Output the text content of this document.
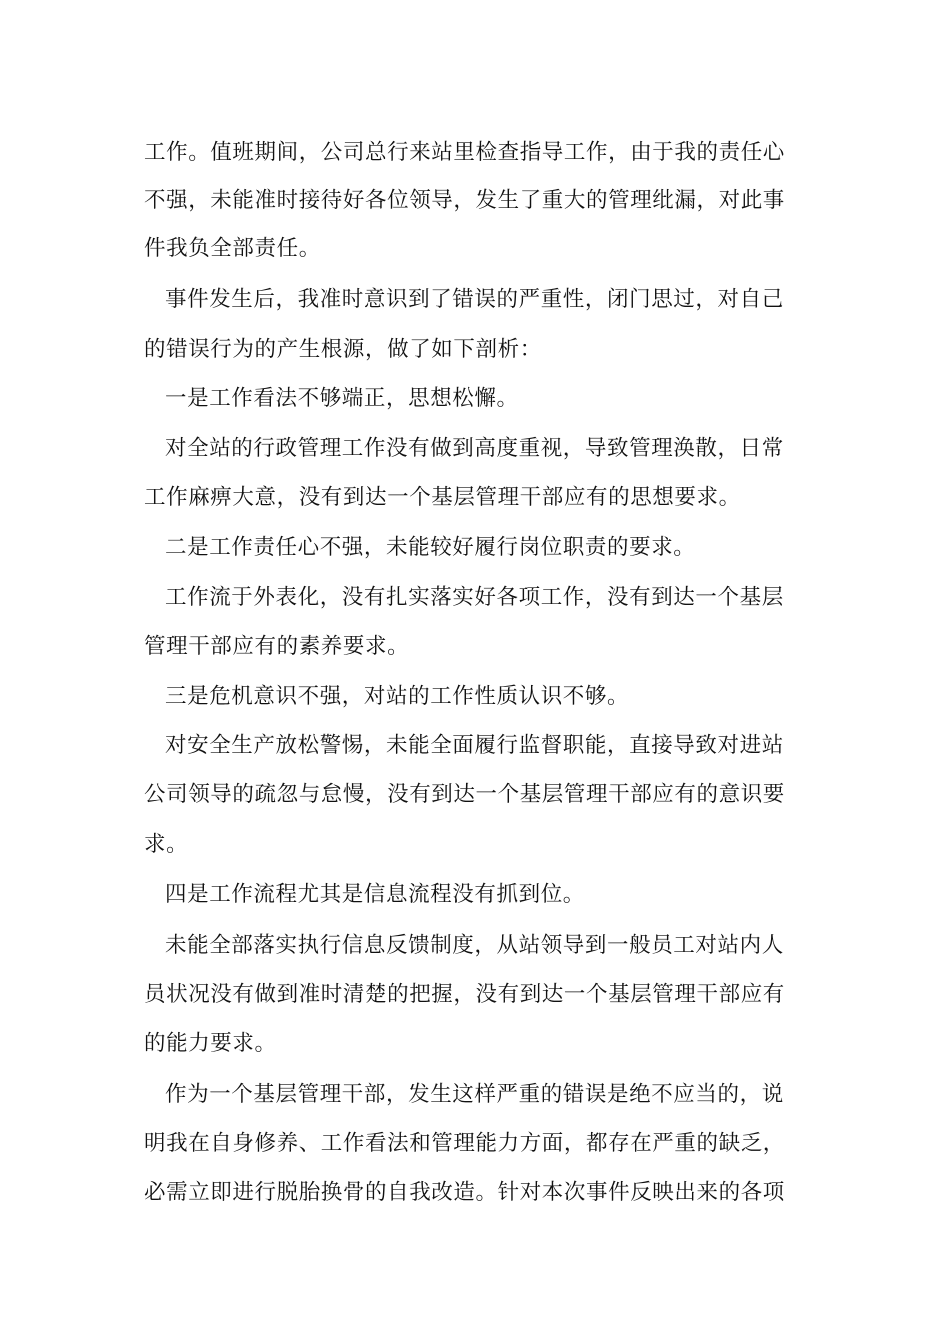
工作。值班期间，公司总行来站里检查指导工作，由于我的责任心
不强，未能准时接待好各位领导，发生了重大的管理纰漏，对此事
件我负全部责任。
事件发生后，我准时意识到了错误的严重性，闭门思过，对自己
的错误行为的产生根源，做了如下剖析：
一是工作看法不够端正，思想松懈。
对全站的行政管理工作没有做到高度重视，导致管理涣散，日常
工作麻痹大意，没有到达一个基层管理干部应有的思想要求。
二是工作责任心不强，未能较好履行岗位职责的要求。
工作流于外表化，没有扎实落实好各项工作，没有到达一个基层
管理干部应有的素养要求。
三是危机意识不强，对站的工作性质认识不够。
对安全生产放松警惕，未能全面履行监督职能，直接导致对进站
公司领导的疏忽与怠慢，没有到达一个基层管理干部应有的意识要
求。
四是工作流程尤其是信息流程没有抓到位。
未能全部落实执行信息反馈制度，从站领导到一般员工对站内人
员状况没有做到准时清楚的把握，没有到达一个基层管理干部应有
的能力要求。
作为一个基层管理干部，发生这样严重的错误是绝不应当的，说
明我在自身修养、工作看法和管理能力方面，都存在严重的缺乏，
必需立即进行脱胎换骨的自我改造。针对本次事件反映出来的各项
